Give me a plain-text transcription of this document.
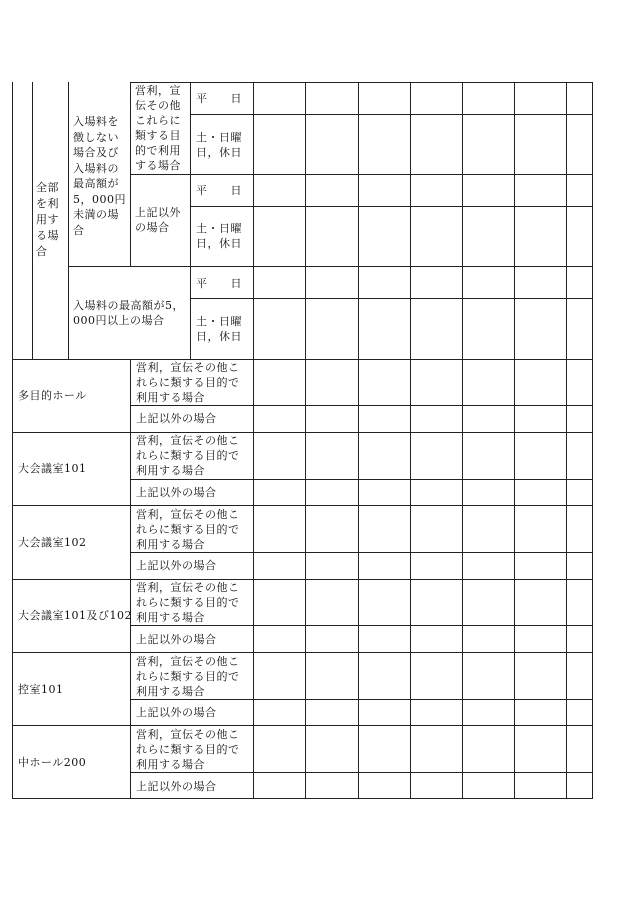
全部
を利
用する場
合
入場料を
徴しない
場合及び
入場料の
最高額が
5，000円
未満の場
合
営利，宣
伝その他
これらに
類する目
的で利用
する場合
上記以外
の場合
入場料の最高額が5，
000円以上の場合
平　　日
土・日曜
日，休日
平　　日
土・日曜
日，休日
平　　日
土・日曜
日，休日
多目的ホール
営利，宣伝その他こ
れらに類する目的で
利用する場合
上記以外の場合
大会議室101
営利，宣伝その他こ
れらに類する目的で
利用する場合
上記以外の場合
大会議室102
営利，宣伝その他こ
れらに類する目的で
利用する場合
上記以外の場合
大会議室101及び102
営利，宣伝その他こ
れらに類する目的で
利用する場合
上記以外の場合
控室101
営利，宣伝その他こ
れらに類する目的で
利用する場合
上記以外の場合
中ホール200
営利，宣伝その他こ
れらに類する目的で
利用する場合
上記以外の場合
